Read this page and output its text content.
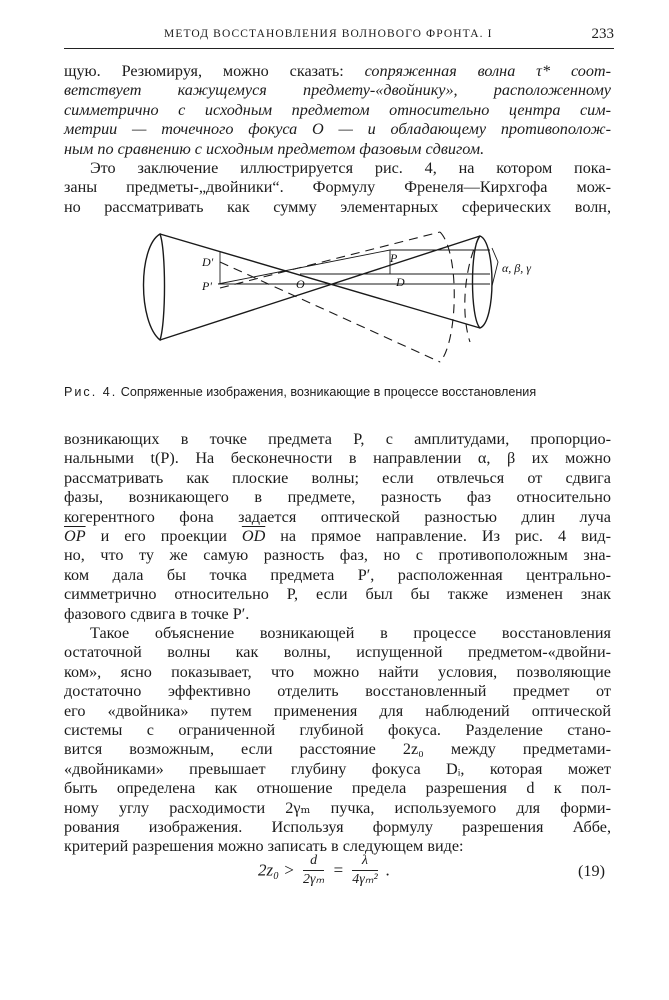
МЕТОД ВОССТАНОВЛЕНИЯ ВОЛНОВОГО ФРОНТА. I	233
щую. Резюмируя, можно сказать: сопряженная волна τ* соот-
ветствует кажущемуся предмету-«двойнику», расположенному
симметрично с исходным предметом относительно центра сим-
метрии — точечного фокуса O — и обладающему противополож-
ным по сравнению с исходным предметом фазовым сдвигом.
Это заключение иллюстрируется рис. 4, на котором пока-
заны предметы-„двойники“. Формулу Френеля—Кирхгофа мож-
но рассматривать как сумму элементарных сферических волн,
D'
P'	O
P
D
α, β, γ
Рис. 4. Сопряженные изображения, возникающие в процессе восстановления
возникающих в точке предмета P, с амплитудами, пропорцио-
нальными t(P). На бесконечности в направлении α, β их можно
рассматривать как плоские волны; если отвлечься от сдвига
фазы, возникающего в предмете, разность фаз относительно
когерентного фона задается оптической разностью длин луча
$\overline{OP}$ и его проекции $\overline{OD}$ на прямое направление. Из рис. 4 вид-
но, что ту же самую разность фаз, но с противоположным зна-
ком дала бы точка предмета P′, расположенная центрально-
симметрично относительно P, если был бы также изменен знак
фазового сдвига в точке P′.
Такое объяснение возникающей в процессе восстановления
остаточной волны как волны, испущенной предметом-«двойни-
ком», ясно показывает, что можно найти условия, позволяющие
достаточно эффективно отделить восстановленный предмет от
его «двойника» путем применения для наблюдений оптической
системы с ограниченной глубиной фокуса. Разделение стано-
вится возможным, если расстояние 2z₀ между предметами-
«двойниками» превышает глубину фокуса Dᵢ, которая может
быть определена как отношение предела разрешения d к пол-
ному углу расходимости 2γₘ пучка, используемого для форми-
рования изображения. Используя формулу разрешения Аббе,
критерий разрешения можно записать в следующем виде:
$2z_0 > \frac{d}{\text{2γₘ}} = \frac{\lambda}{\text{4γₘ²}}$ .	(19)
